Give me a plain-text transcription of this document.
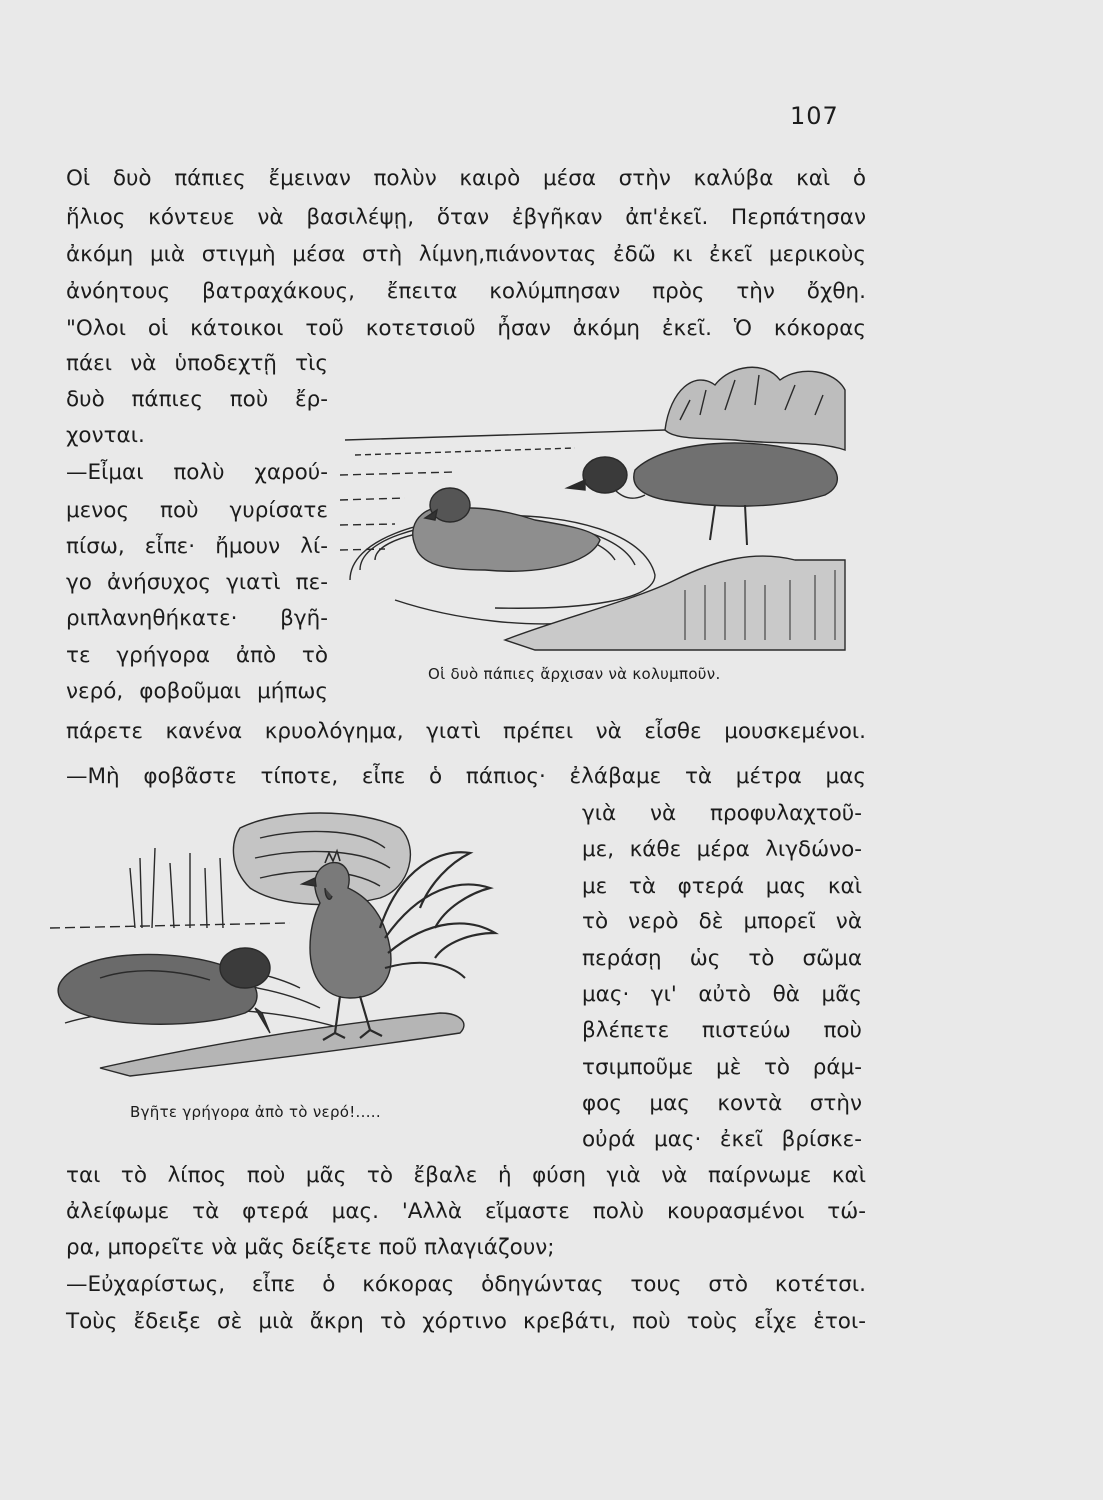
107
Οἱ δυὸ πάπιες ἔμειναν πολὺν καιρὸ μέσα στὴν καλύβα καὶ ὁ
ἥλιος κόντευε νὰ βασιλέψῃ, ὅταν ἐβγῆκαν ἀπ'ἐκεῖ. Περπάτησαν
ἀκόμη μιὰ στιγμὴ μέσα στὴ λίμνη,πιάνοντας ἐδῶ κι ἐκεῖ μερικοὺς
ἀνόητους βατραχάκους, ἔπειτα κολύμπησαν πρὸς τὴν ὄχθη.
"Ολοι οἱ κάτοικοι τοῦ κοτετσιοῦ ἦσαν ἀκόμη ἐκεῖ. Ὁ κόκορας
πάει νὰ ὑποδεχτῇ τὶς
δυὸ πάπιες ποὺ ἔρ-
χονται.
—Εἶμαι πολὺ χαρού-
μενος ποὺ γυρίσατε
πίσω, εἶπε· ἤμουν λί-
γο ἀνήσυχος γιατὶ πε-
ριπλανηθήκατε· βγῆ-
τε γρήγορα ἀπὸ τὸ
νερό, φοβοῦμαι μήπως
Οἱ δυὸ πάπιες ἄρχισαν νὰ κολυμποῦν.
πάρετε κανένα κρυολόγημα, γιατὶ πρέπει νὰ εἶσθε μουσκεμένοι.
—Μὴ φοβᾶστε τίποτε, εἶπε ὁ πάπιος· ἐλάβαμε τὰ μέτρα μας
γιὰ νὰ προφυλαχτοῦ-
με, κάθε μέρα λιγδώνο-
με τὰ φτερά μας καὶ
τὸ νερὸ δὲ μπορεῖ νὰ
περάσῃ ὡς τὸ σῶμα
μας· γι' αὐτὸ θὰ μᾶς
βλέπετε πιστεύω ποὺ
τσιμποῦμε μὲ τὸ ράμ-
φος μας κοντὰ στὴν
οὐρά μας· ἐκεῖ βρίσκε-
Βγῆτε γρήγορα ἀπὸ τὸ νερό!.....
ται τὸ λίπος ποὺ μᾶς τὸ ἔβαλε ἡ φύση γιὰ νὰ παίρνωμε καὶ
ἀλείφωμε τὰ φτερά μας. 'Αλλὰ εἴμαστε πολὺ κουρασμένοι τώ-
ρα, μπορεῖτε νὰ μᾶς δείξετε ποῦ πλαγιάζουν;
—Εὐχαρίστως, εἶπε ὁ κόκορας ὁδηγώντας τους στὸ κοτέτσι.
Τοὺς ἔδειξε σὲ μιὰ ἄκρη τὸ χόρτινο κρεβάτι, ποὺ τοὺς εἶχε ἑτοι-
